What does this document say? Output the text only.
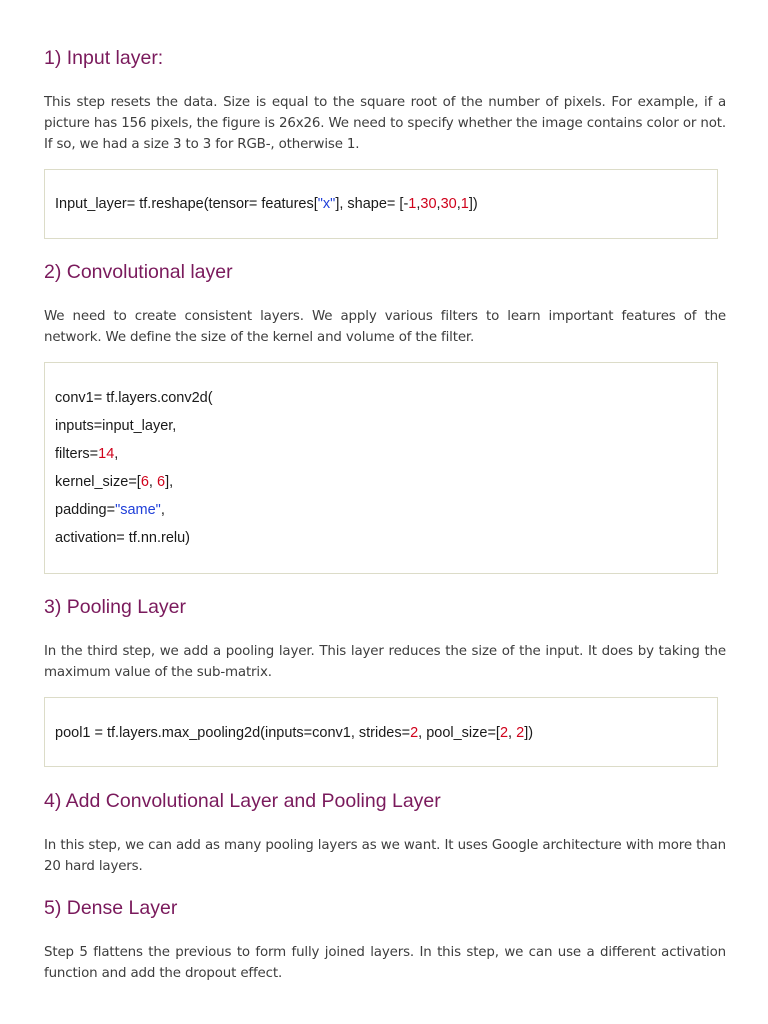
1) Input layer:

This step resets the data. Size is equal to the square root of the number of pixels. For example, if a picture has 156 pixels, the figure is 26x26. We need to specify whether the image contains color or not. If so, we had a size 3 to 3 for RGB-, otherwise 1.

Input_layer= tf.reshape(tensor= features["x"], shape= [-1,30,30,1])
2) Convolutional layer

We need to create consistent layers. We apply various filters to learn important features of the network. We define the size of the kernel and volume of the filter.

conv1= tf.layers.conv2d(
inputs=input_layer,
filters=14,
kernel_size=[6, 6],
padding="same",
activation= tf.nn.relu)
3) Pooling Layer

In the third step, we add a pooling layer. This layer reduces the size of the input. It does by taking the maximum value of the sub-matrix.

pool1 = tf.layers.max_pooling2d(inputs=conv1, strides=2, pool_size=[2, 2])
4) Add Convolutional Layer and Pooling Layer

In this step, we can add as many pooling layers as we want. It uses Google architecture with more than 20 hard layers.

5) Dense Layer

Step 5 flattens the previous to form fully joined layers. In this step, we can use a different activation function and add the dropout effect.
